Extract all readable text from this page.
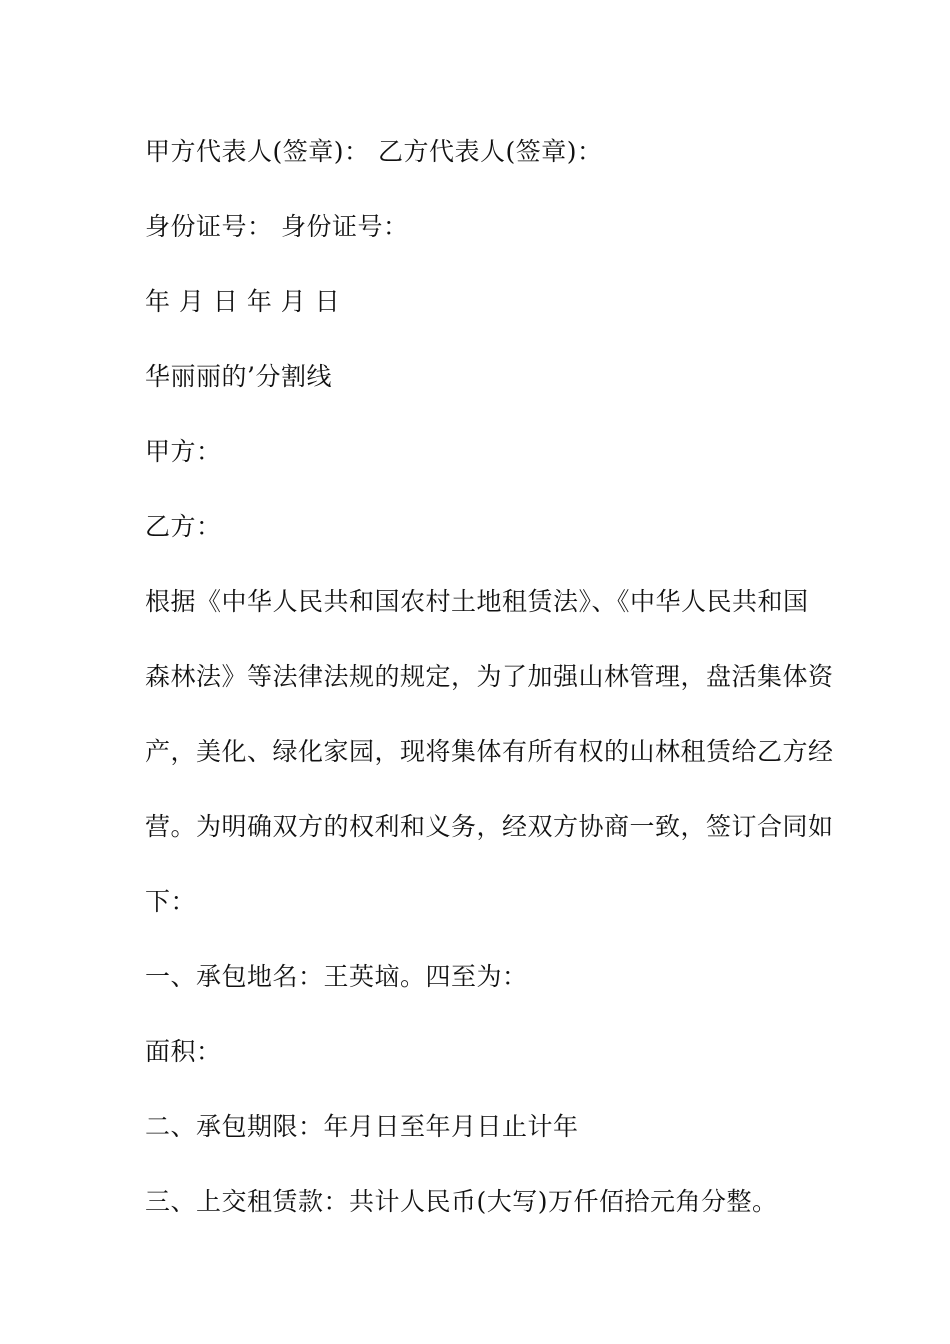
甲方代表人(签章)： 乙方代表人(签章)：
身份证号： 身份证号：
年 月 日 年 月 日
华丽丽的’分割线
甲方：
乙方：
根据《中华人民共和国农村土地租赁法》、《中华人民共和国
森林法》等法律法规的规定，为了加强山林管理，盘活集体资
产，美化、绿化家园，现将集体有所有权的山林租赁给乙方经
营。为明确双方的权利和义务，经双方协商一致，签订合同如
下：
一、承包地名：王英垴。四至为：
面积：
二、承包期限：年月日至年月日止计年
三、上交租赁款：共计人民币(大写)万仟佰拾元角分整。
